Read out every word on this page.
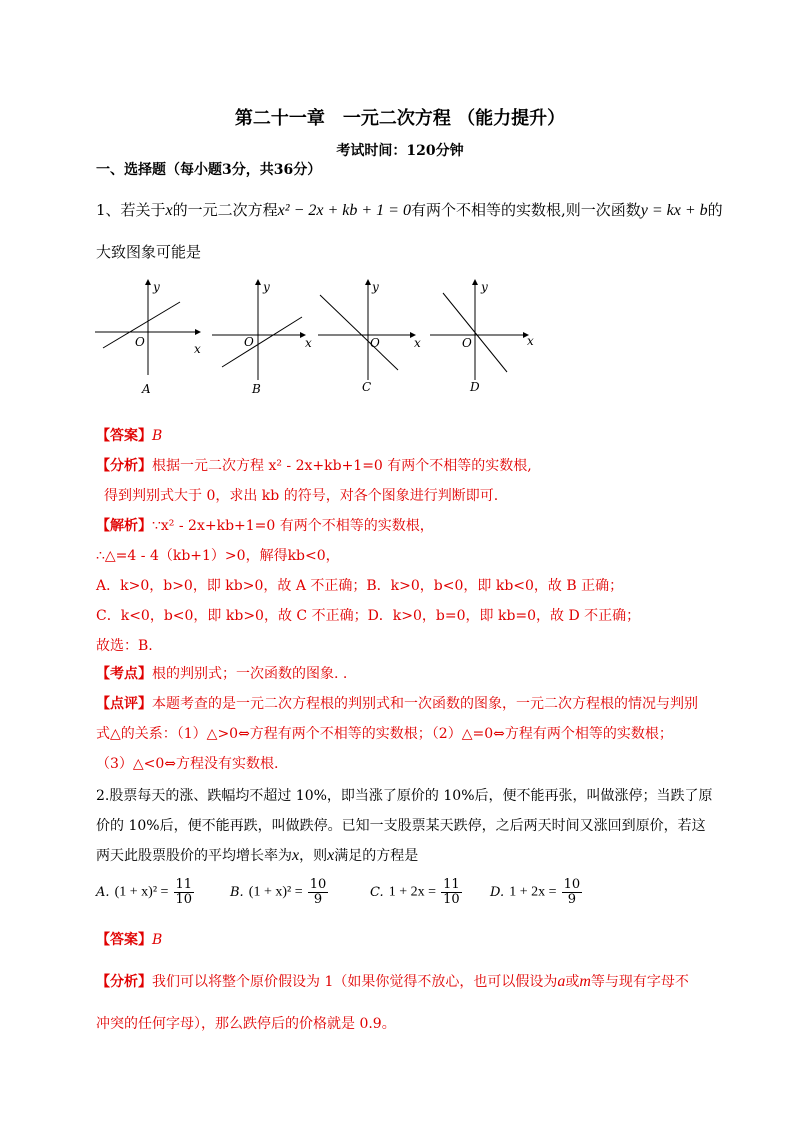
第二十一章　一元二次方程 （能力提升）
考试时间：120分钟
一、选择题（每小题3分，共36分）
1、若关于x的一元二次方程x² − 2x + kb + 1 = 0有两个不相等的实数根,则一次函数y = kx + b的
大致图象可能是
y
O	x
A
y
O	x
B
y
O	x
C
y
O	x
D
【答案】B
【分析】根据一元二次方程 x² - 2x+kb+1=0 有两个不相等的实数根,
得到判别式大于 0，求出 kb 的符号，对各个图象进行判断即可.
【解析】∵x² - 2x+kb+1=0 有两个不相等的实数根，
∴△=4 - 4（kb+1）>0，解得kb<0，
A．k>0，b>0，即 kb>0，故 A 不正确；B．k>0，b<0，即 kb<0，故 B 正确；
C．k<0，b<0，即 kb>0，故 C 不正确；D．k>0，b=0，即 kb=0，故 D 不正确；
故选：B.
【考点】根的判别式；一次函数的图象. .
【点评】本题考查的是一元二次方程根的判别式和一次函数的图象，一元二次方程根的情况与判别
式△的关系：（1）△>0⇔方程有两个不相等的实数根；（2）△=0⇔方程有两个相等的实数根；
（3）△<0⇔方程没有实数根.
2.股票每天的涨、跌幅均不超过 10%，即当涨了原价的 10%后，便不能再张，叫做涨停；当跌了原
价的 10%后，便不能再跌，叫做跌停。已知一支股票某天跌停，之后两天时间又涨回到原价，若这
两天此股票股价的平均增长率为x，则x满足的方程是
A. $(1 + x)^2 = \frac{11}{10}$	B. $(1 + x)^2 = \frac{10}{9}$	C. $1 + 2x = \frac{11}{10} D$. $1 + 2x = \frac{10}{9}$
【答案】B
【分析】我们可以将整个原价假设为 1（如果你觉得不放心，也可以假设为a或m等与现有字母不
冲突的任何字母），那么跌停后的价格就是 0.9。
